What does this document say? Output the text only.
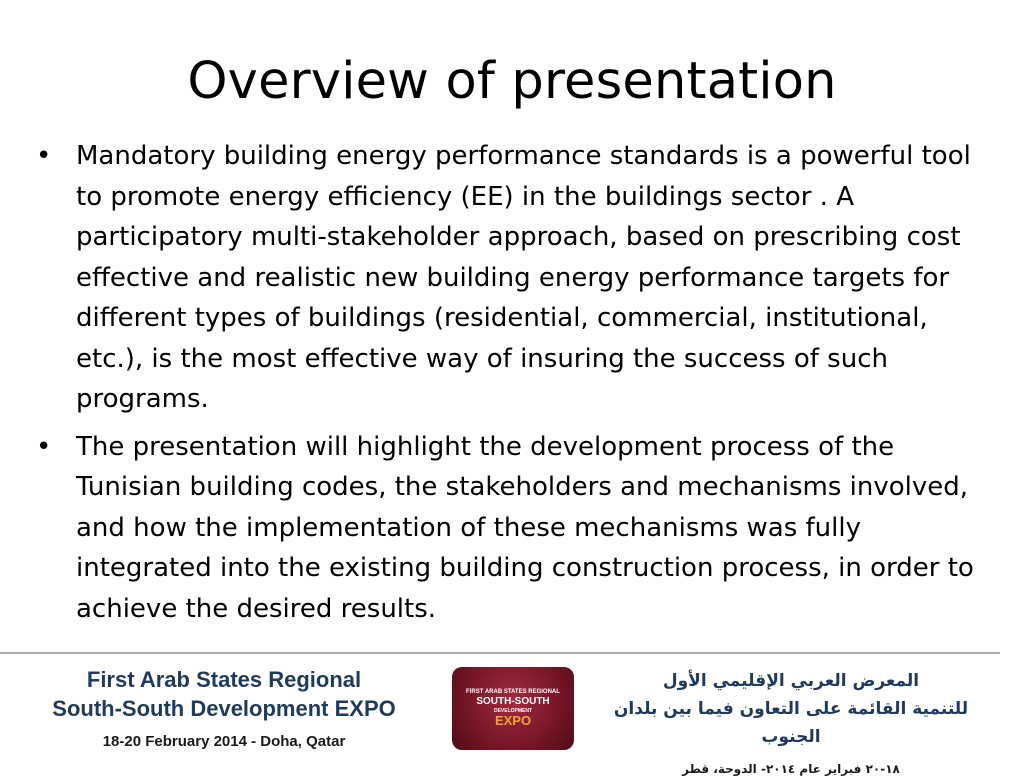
Overview of presentation
• Mandatory building energy performance standards is a powerful tool to promote energy efficiency (EE) in the buildings sector . A participatory multi-stakeholder approach, based on prescribing cost effective and realistic new building energy performance targets for different types of buildings (residential, commercial, institutional, etc.), is the most effective way of insuring the success of such programs.
• The presentation will highlight the development process of the Tunisian building codes, the stakeholders and mechanisms involved, and how the implementation of these mechanisms was fully integrated into the existing building construction process, in order to achieve the desired results.
First Arab States Regional
South-South Development EXPO
18-20 February 2014 - Doha, Qatar
FIRST ARAB STATES REGIONAL
SOUTH-SOUTH
DEVELOPMENT
EXPO
المعرض العربي الإقليمي الأول
للتنمية القائمة على التعاون فيما بين بلدان الجنوب
١٨-٢٠ فبراير عام ٢٠١٤- الدوحة، قطر
